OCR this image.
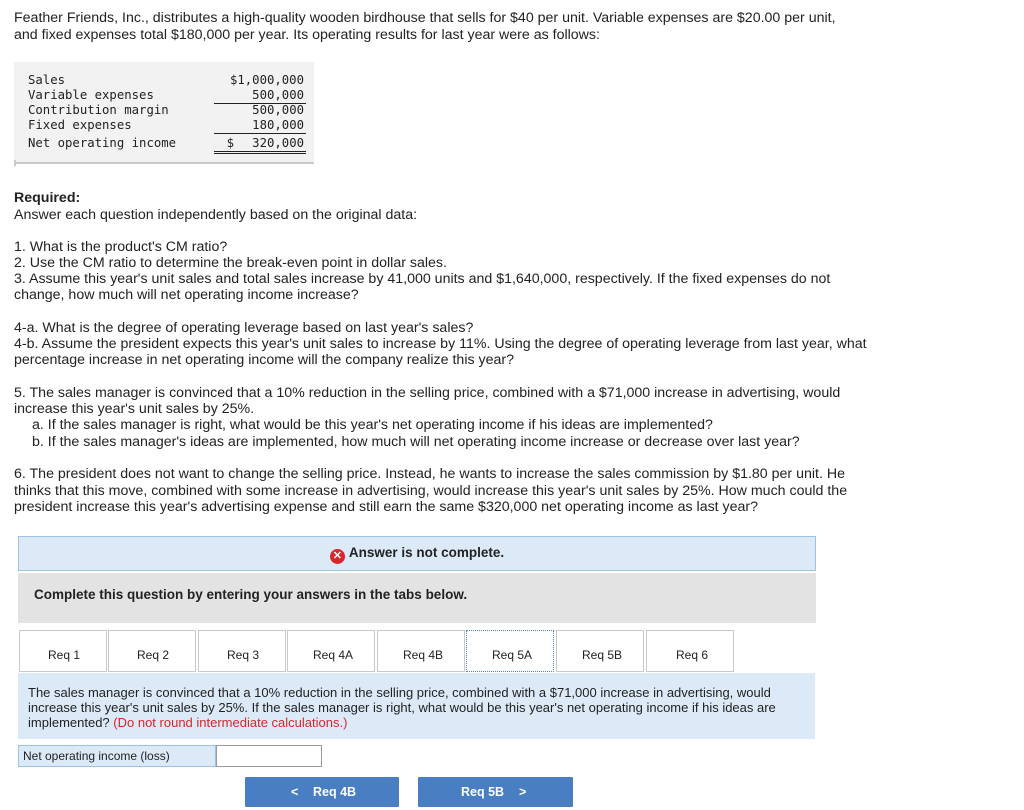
Feather Friends, Inc., distributes a high-quality wooden birdhouse that sells for $40 per unit. Variable expenses are $20.00 per unit,

and fixed expenses total $180,000 per year. Its operating results for last year were as follows:

Sales	$1,000,000
Variable expenses	500,000
Contribution margin	500,000
Fixed expenses	180,000
Net operating income	$ 320,000

Required:

Answer each question independently based on the original data:

1. What is the product's CM ratio?

2. Use the CM ratio to determine the break-even point in dollar sales.

3. Assume this year's unit sales and total sales increase by 41,000 units and $1,640,000, respectively. If the fixed expenses do not

change, how much will net operating income increase?

4-a. What is the degree of operating leverage based on last year's sales?

4-b. Assume the president expects this year's unit sales to increase by 11%. Using the degree of operating leverage from last year, what

percentage increase in net operating income will the company realize this year?

5. The sales manager is convinced that a 10% reduction in the selling price, combined with a $71,000 increase in advertising, would

increase this year's unit sales by 25%.

a. If the sales manager is right, what would be this year's net operating income if his ideas are implemented?

b. If the sales manager's ideas are implemented, how much will net operating income increase or decrease over last year?

6. The president does not want to change the selling price. Instead, he wants to increase the sales commission by $1.80 per unit. He

thinks that this move, combined with some increase in advertising, would increase this year's unit sales by 25%. How much could the

president increase this year's advertising expense and still earn the same $320,000 net operating income as last year?

✕ Answer is not complete.
Complete this question by entering your answers in the tabs below.
Req 1	Req 2	Req 3	Req 4A	Req 4B	Req 5A	Req 5B	Req 6
The sales manager is convinced that a 10% reduction in the selling price, combined with a $71,000 increase in advertising, would increase this year's unit sales by 25%. If the sales manager is right, what would be this year's net operating income if his ideas are implemented? (Do not round intermediate calculations.)
Net operating income (loss)
< Req 4B	Req 5B >
